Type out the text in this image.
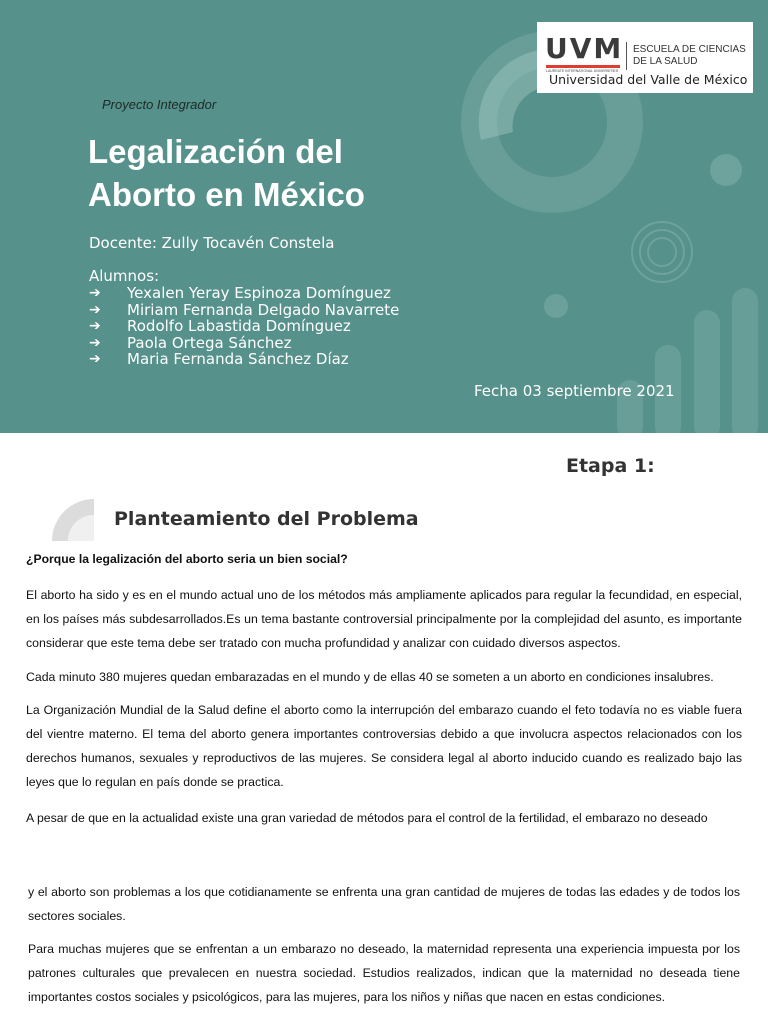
UVM
LAUREATE INTERNATIONAL UNIVERSITIES
ESCUELA DE CIENCIAS DE LA SALUD
Universidad del Valle de México
Proyecto Integrador
Legalización del Aborto en México
Docente: Zully Tocavén Constela
Alumnos:
➔	Yexalen Yeray Espinoza Domínguez
➔	Miriam Fernanda Delgado Navarrete
➔	Rodolfo Labastida Domínguez
➔	Paola Ortega Sánchez
➔	Maria Fernanda Sánchez Díaz
Fecha 03 septiembre 2021
Etapa 1:
Planteamiento del Problema
¿Porque la legalización del aborto seria un bien social?

El aborto ha sido y es en el mundo actual uno de los métodos más ampliamente aplicados para regular la fecundidad, en especial, en los países más subdesarrollados.Es un tema bastante controversial principalmente por la complejidad del asunto, es importante considerar que este tema debe ser tratado con mucha profundidad y analizar con cuidado diversos aspectos.

Cada minuto 380 mujeres quedan embarazadas en el mundo y de ellas 40 se someten a un aborto en condiciones insalubres.

La Organización Mundial de la Salud define el aborto como la interrupción del embarazo cuando el feto todavía no es viable fuera del vientre materno. El tema del aborto genera importantes controversias debido a que involucra aspectos relacionados con los derechos humanos, sexuales y reproductivos de las mujeres. Se considera legal al aborto inducido cuando es realizado bajo las leyes que lo regulan en país donde se practica.

A pesar de que en la actualidad existe una gran variedad de métodos para el control de la fertilidad, el embarazo no deseado

y el aborto son problemas a los que cotidianamente se enfrenta una gran cantidad de mujeres de todas las edades y de todos los sectores sociales.

Para muchas mujeres que se enfrentan a un embarazo no deseado, la maternidad representa una experiencia impuesta por los patrones culturales que prevalecen en nuestra sociedad. Estudios realizados, indican que la maternidad no deseada tiene importantes costos sociales y psicológicos, para las mujeres, para los niños y niñas que nacen en estas condiciones.
